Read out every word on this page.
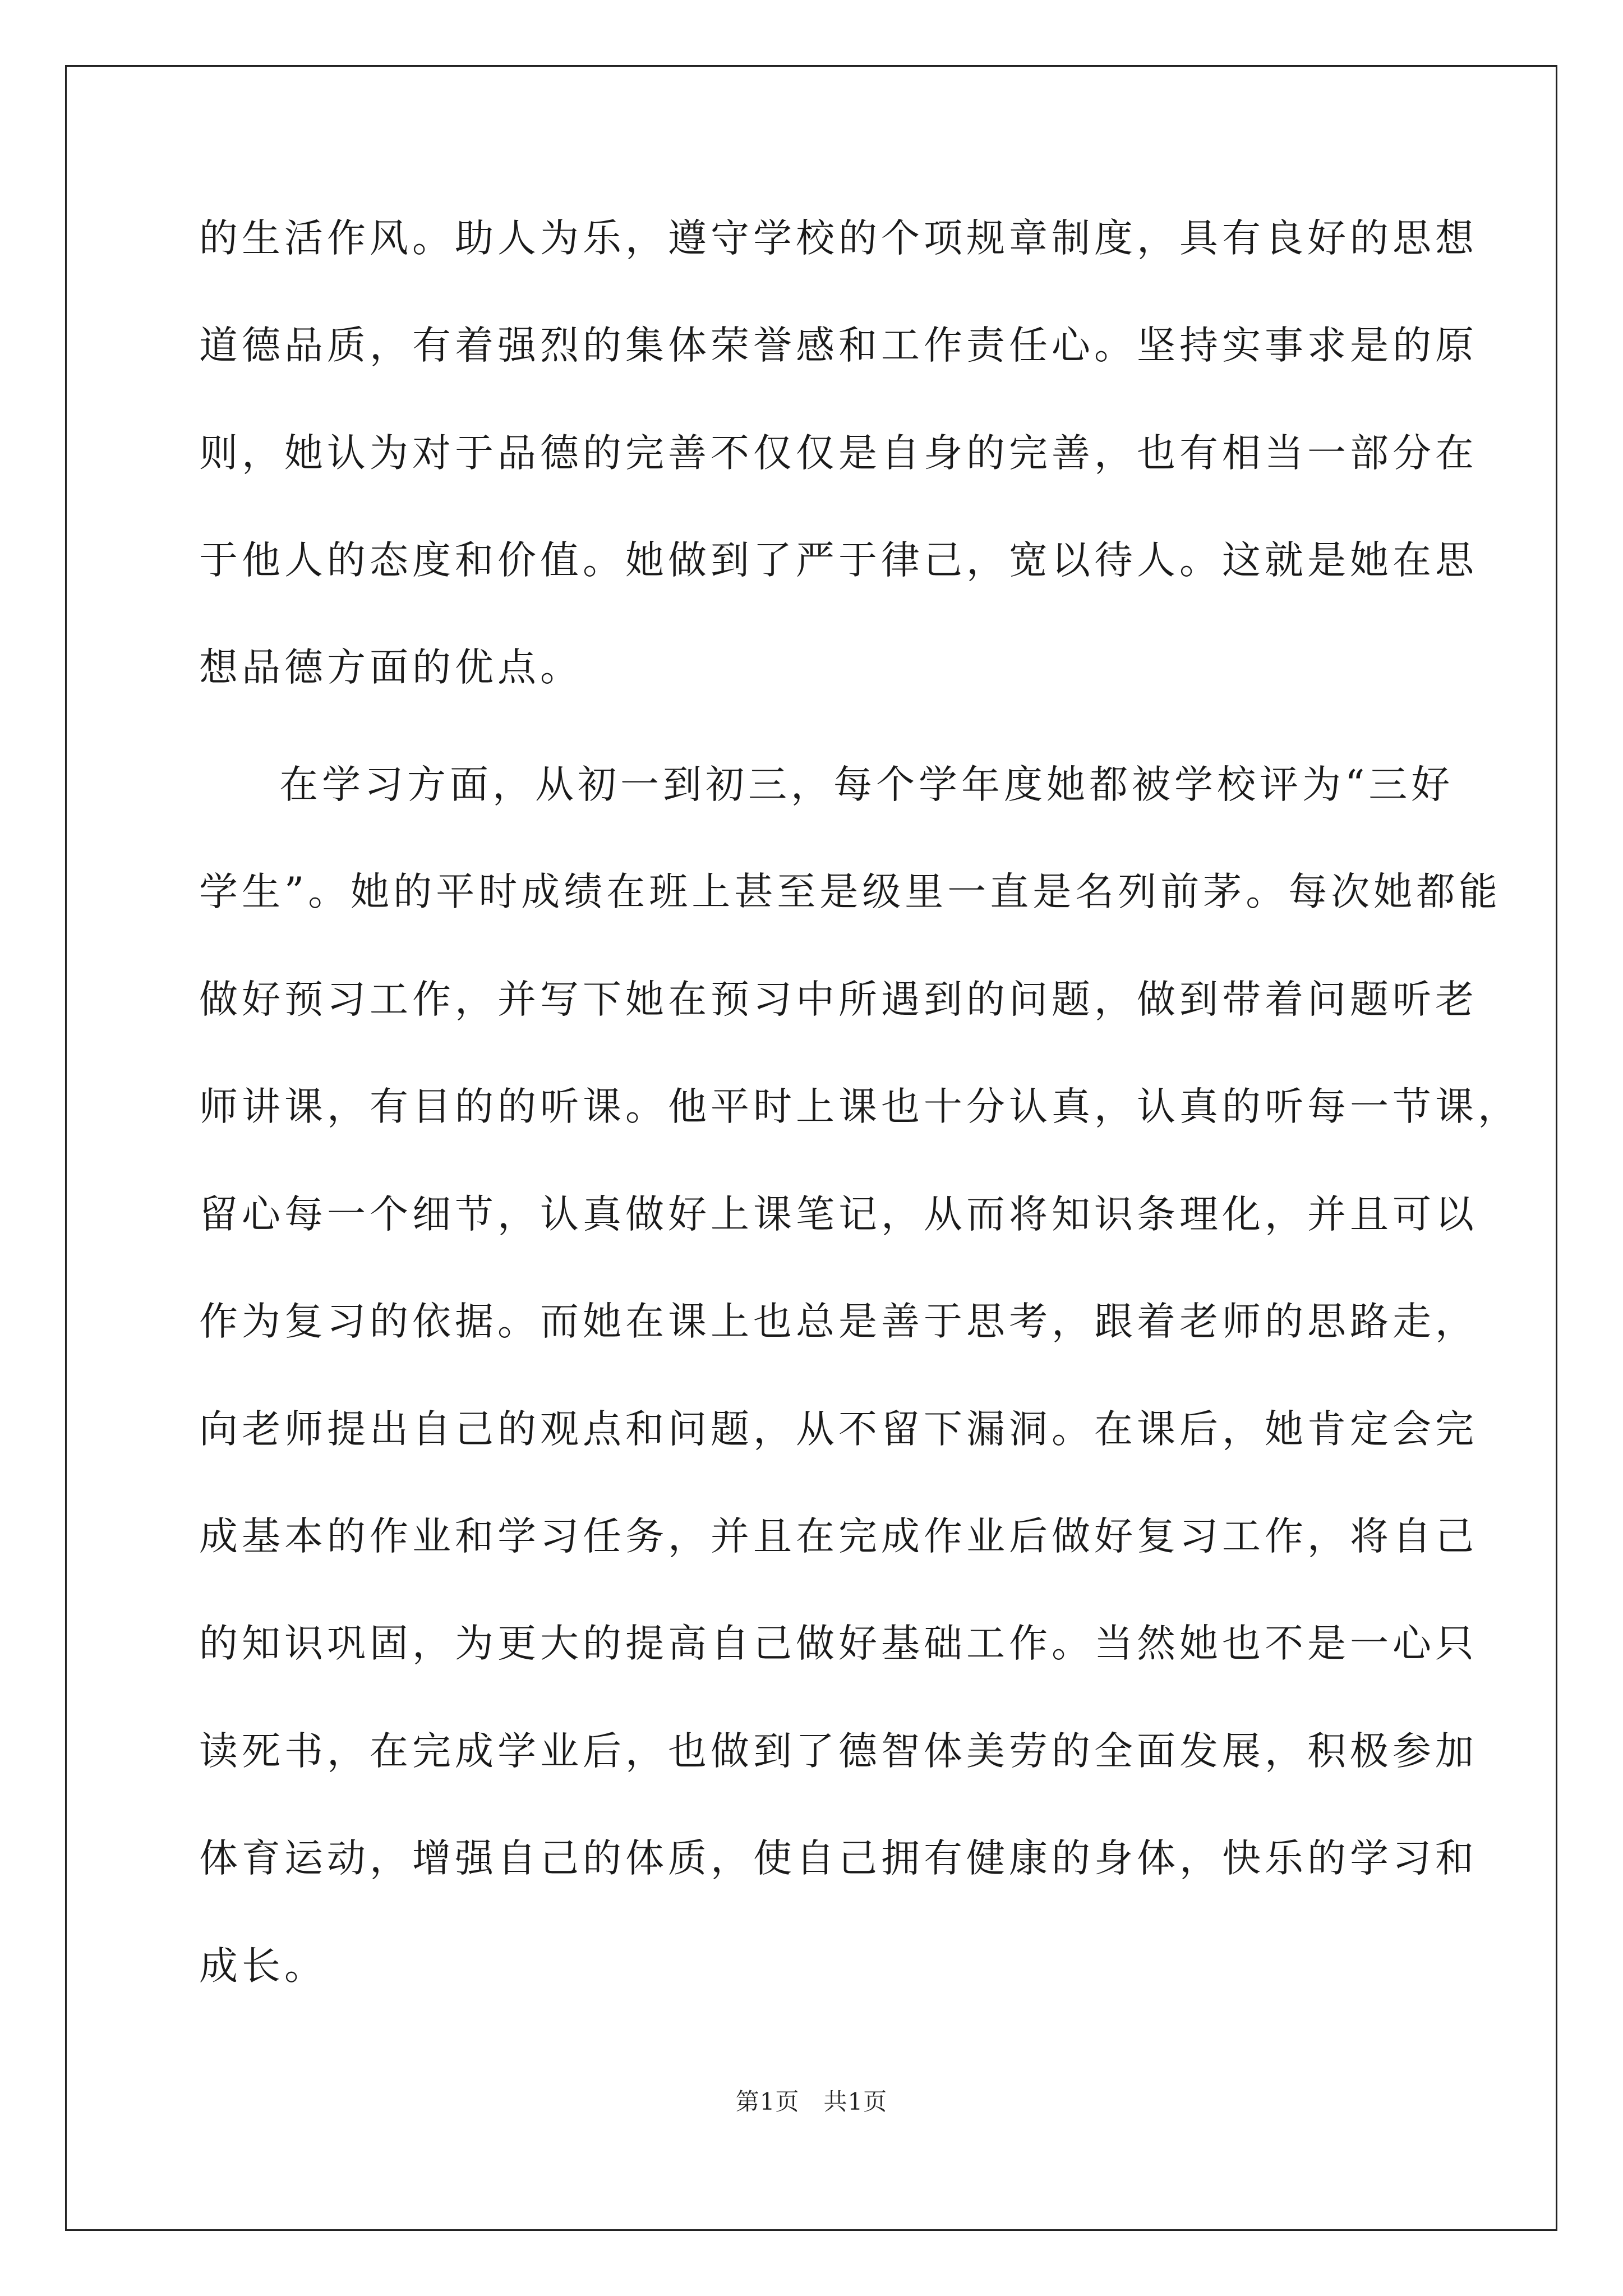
的生活作风。助人为乐，遵守学校的个项规章制度，具有良好的思想
道德品质，有着强烈的集体荣誉感和工作责任心。坚持实事求是的原
则，她认为对于品德的完善不仅仅是自身的完善，也有相当一部分在
于他人的态度和价值。她做到了严于律己，宽以待人。这就是她在思
想品德方面的优点。
在学习方面，从初一到初三，每个学年度她都被学校评为“三好
学生”。她的平时成绩在班上甚至是级里一直是名列前茅。每次她都能
做好预习工作，并写下她在预习中所遇到的问题，做到带着问题听老
师讲课，有目的的听课。他平时上课也十分认真，认真的听每一节课，
留心每一个细节，认真做好上课笔记，从而将知识条理化，并且可以
作为复习的依据。而她在课上也总是善于思考，跟着老师的思路走，
向老师提出自己的观点和问题，从不留下漏洞。在课后，她肯定会完
成基本的作业和学习任务，并且在完成作业后做好复习工作，将自己
的知识巩固，为更大的提高自己做好基础工作。当然她也不是一心只
读死书，在完成学业后，也做到了德智体美劳的全面发展，积极参加
体育运动，增强自己的体质，使自己拥有健康的身体，快乐的学习和
成长。
第1页　共1页
